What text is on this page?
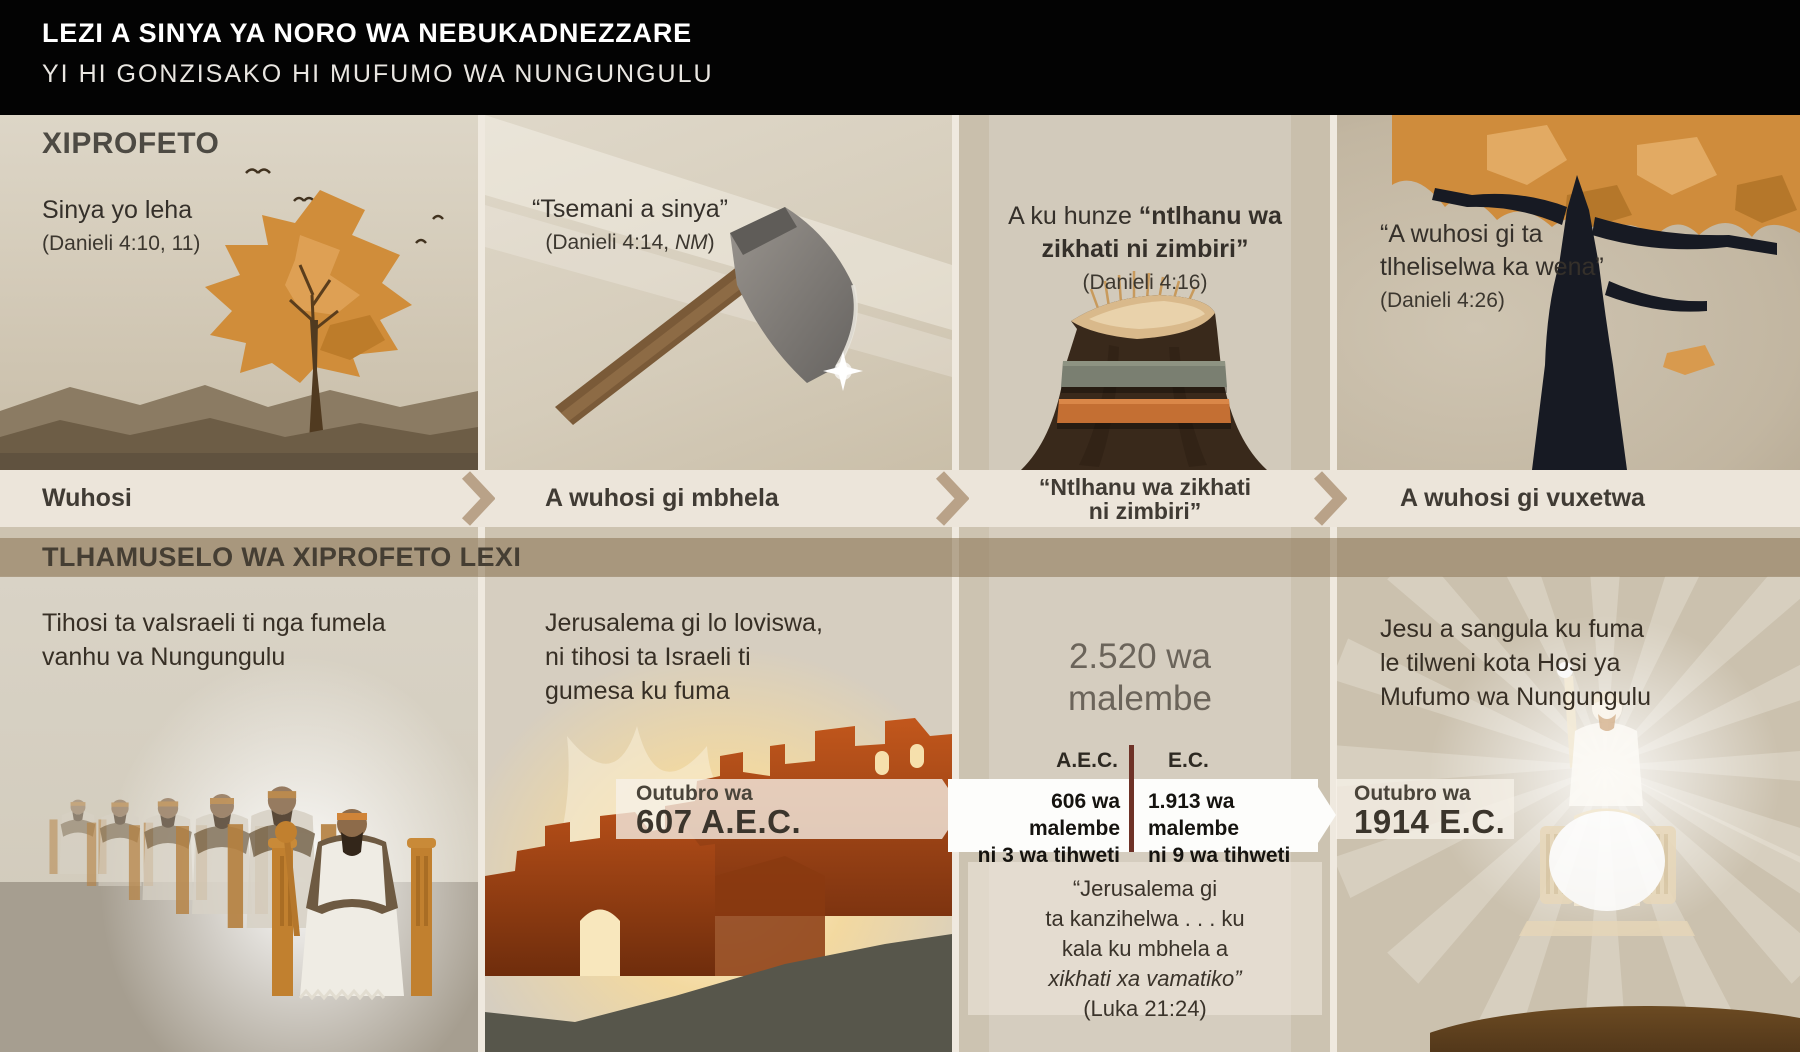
LEZI A SINYA YA NORO WA NEBUKADNEZZARE
YI HI GONZISAKO HI MUFUMO WA NUNGUNGULU
XIPROFETO
Sinya yo leha
(Danieli 4:10, 11)
“Tsemani a sinya”
(Danieli 4:14, NM)
A ku hunze “ntlhanu wa zikhati ni zimbiri”
(Danieli 4:16)
“A wuhosi gi ta
tlheliselwa ka wena”
(Danieli 4:26)
Wuhosi	A wuhosi gi mbhela	“Ntlhanu wa zikhati
ni zimbiri”	A wuhosi gi vuxetwa
TLHAMUSELO WA XIPROFETO LEXI
Tihosi ta vaIsraeli ti nga fumela
vanhu va Nungungulu
Jerusalema gi lo loviswa,
ni tihosi ta Israeli ti
gumesa ku fuma
2.520 wa
malembe
Jesu a sangula ku fuma
le tilweni kota Hosi ya
Mufumo wa Nungungulu
A.E.C. E.C.
Outubro wa
607 A.E.C.
606 wa malembe
ni 3 wa tihweti
1.913 wa malembe
ni 9 wa tihweti
Outubro wa
1914 E.C.
“Jerusalema gi
ta kanzihelwa . . . ku
kala ku mbhela a
xikhati xa vamatiko”
(Luka 21:24)
